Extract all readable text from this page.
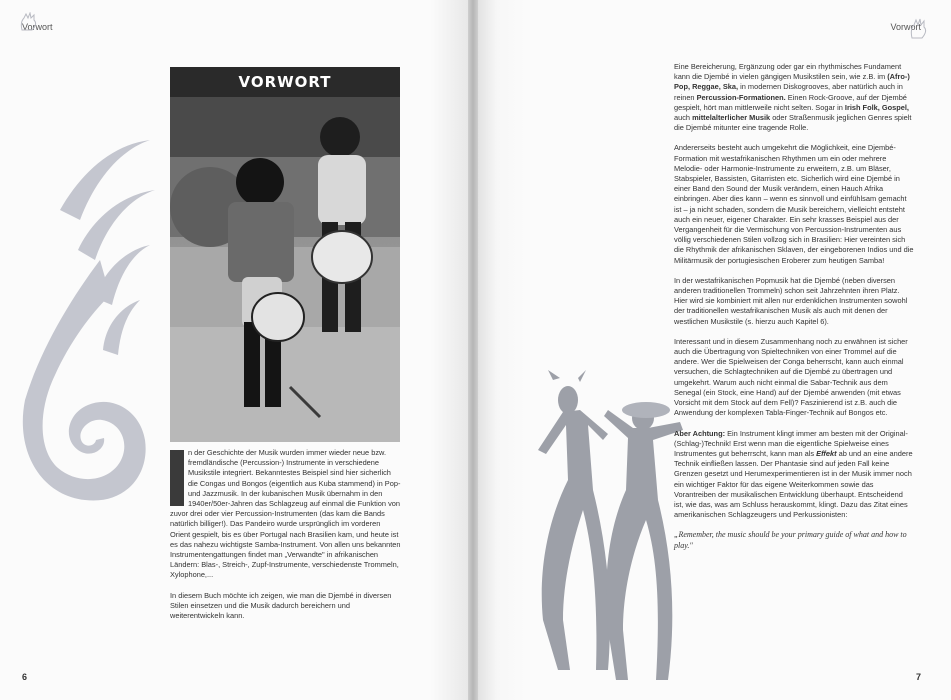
Vorwort
VORWORT

n der Geschichte der Musik wurden immer wieder neue bzw. fremdländische (Percussion-) Instrumente in verschiedene Musikstile integriert. Bekanntestes Beispiel sind hier sicherlich die Congas und Bongos (eigentlich aus Kuba stammend) in Pop- und Jazzmusik. In der kubanischen Musik übernahm in den 1940er/50er-Jahren das Schlagzeug auf einmal die Funktion von zuvor drei oder vier Percussion-Instrumenten (das kam die Bands natürlich billiger!). Das Pandeiro wurde ursprünglich im vorderen Orient gespielt, bis es über Portugal nach Brasilien kam, und heute ist es das nahezu wichtigste Samba-Instrument. Von allen uns bekannten Instrumentengattungen findet man „Verwandte" in afrikanischen Ländern: Blas-, Streich-, Zupf-Instrumente, verschiedenste Trommeln, Xylophone,...

In diesem Buch möchte ich zeigen, wie man die Djembé in diversen Stilen einsetzen und die Musik dadurch bereichern und weiterentwickeln kann.

6
Vorwort

Eine Bereicherung, Ergänzung oder gar ein rhythmisches Fundament kann die Djembé in vielen gängigen Musikstilen sein, wie z.B. im (Afro-) Pop, Reggae, Ska, in modernen Diskogrooves, aber natürlich auch in reinen Percussion-Formationen. Einen Rock-Groove, auf der Djembé gespielt, hört man mittlerweile nicht selten. Sogar in Irish Folk, Gospel, auch mittelalterlicher Musik oder Straßenmusik jeglichen Genres spielt die Djembé mitunter eine tragende Rolle.

Andererseits besteht auch umgekehrt die Möglichkeit, eine Djembé-Formation mit westafrikanischen Rhythmen um ein oder mehrere Melodie- oder Harmonie-Instrumente zu erweitern, z.B. um Bläser, Stabspieler, Bassisten, Gitarristen etc. Sicherlich wird eine Djembé in einer Band den Sound der Musik verändern, einen Hauch Afrika einbringen. Aber dies kann – wenn es sinnvoll und einfühlsam gemacht ist – ja nicht schaden, sondern die Musik bereichern, vielleicht entsteht auch ein neuer, eigener Charakter. Ein sehr krasses Beispiel aus der Vergangenheit für die Vermischung von Percussion-Instrumenten aus völlig verschiedenen Stilen vollzog sich in Brasilien: Hier vereinten sich die Rhythmik der afrikanischen Sklaven, der eingeborenen Indios und die Militärmusik der portugiesischen Eroberer zum heutigen Samba!

In der westafrikanischen Popmusik hat die Djembé (neben diversen anderen traditionellen Trommeln) schon seit Jahrzehnten ihren Platz. Hier wird sie kombiniert mit allen nur erdenklichen Instrumenten sowohl der traditionellen westafrikanischen Musik als auch mit denen der westlichen Musikstile (s. hierzu auch Kapitel 6).

Interessant und in diesem Zusammenhang noch zu erwähnen ist sicher auch die Übertragung von Spieltechniken von einer Trommel auf die andere. Wer die Spielweisen der Conga beherrscht, kann auch einmal versuchen, die Schlagtechniken auf die Djembé zu übertragen und umgekehrt. Warum auch nicht einmal die Sabar-Technik aus dem Senegal (ein Stock, eine Hand) auf der Djembé anwenden (mit etwas Vorsicht mit dem Stock auf dem Fell)? Faszinierend ist z.B. auch die Anwendung der komplexen Tabla-Finger-Technik auf Bongos etc.

Aber Achtung: Ein Instrument klingt immer am besten mit der Original-(Schlag-)Technik! Erst wenn man die eigentliche Spielweise eines Instrumentes gut beherrscht, kann man als Effekt ab und an eine andere Technik einfließen lassen. Der Phantasie sind auf jeden Fall keine Grenzen gesetzt und Herumexperimentieren ist in der Musik immer noch ein wichtiger Faktor für das eigene Weiterkommen sowie das Vorantreiben der musikalischen Entwicklung überhaupt. Entscheidend ist, wie das, was am Schluss herauskommt, klingt. Dazu das Zitat eines amerikanischen Schlagzeugers und Perkussionisten:

„Remember, the music should be your primary guide of what and how to play."

7
